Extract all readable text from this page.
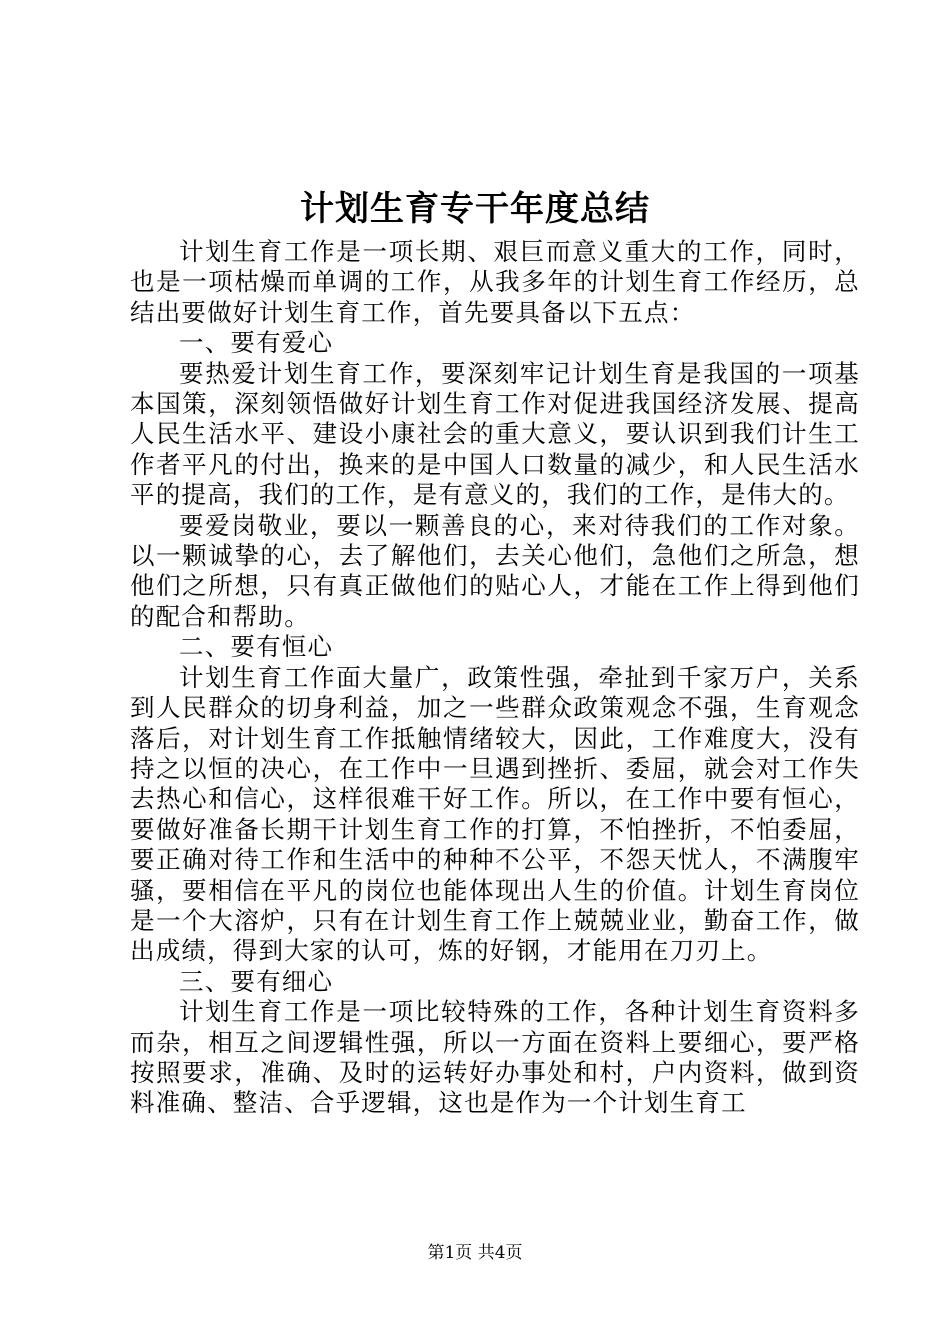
计划生育专干年度总结

计划生育工作是一项长期、艰巨而意义重大的工作，同时，也是一项枯燥而单调的工作，从我多年的计划生育工作经历，总结出要做好计划生育工作，首先要具备以下五点：

一、要有爱心

要热爱计划生育工作，要深刻牢记计划生育是我国的一项基本国策，深刻领悟做好计划生育工作对促进我国经济发展、提高人民生活水平、建设小康社会的重大意义，要认识到我们计生工作者平凡的付出，换来的是中国人口数量的减少，和人民生活水平的提高，我们的工作，是有意义的，我们的工作，是伟大的。

要爱岗敬业，要以一颗善良的心，来对待我们的工作对象。以一颗诚挚的心，去了解他们，去关心他们，急他们之所急，想他们之所想，只有真正做他们的贴心人，才能在工作上得到他们的配合和帮助。

二、要有恒心

计划生育工作面大量广，政策性强，牵扯到千家万户，关系到人民群众的切身利益，加之一些群众政策观念不强，生育观念落后，对计划生育工作抵触情绪较大，因此，工作难度大，没有持之以恒的决心，在工作中一旦遇到挫折、委屈，就会对工作失去热心和信心，这样很难干好工作。所以，在工作中要有恒心，要做好准备长期干计划生育工作的打算，不怕挫折，不怕委屈，要正确对待工作和生活中的种种不公平，不怨天忧人，不满腹牢骚，要相信在平凡的岗位也能体现出人生的价值。计划生育岗位是一个大溶炉，只有在计划生育工作上兢兢业业，勤奋工作，做出成绩，得到大家的认可，炼的好钢，才能用在刀刃上。

三、要有细心

计划生育工作是一项比较特殊的工作，各种计划生育资料多而杂，相互之间逻辑性强，所以一方面在资料上要细心，要严格按照要求，准确、及时的运转好办事处和村，户内资料，做到资料准确、整洁、合乎逻辑，这也是作为一个计划生育工

第1页 共4页
